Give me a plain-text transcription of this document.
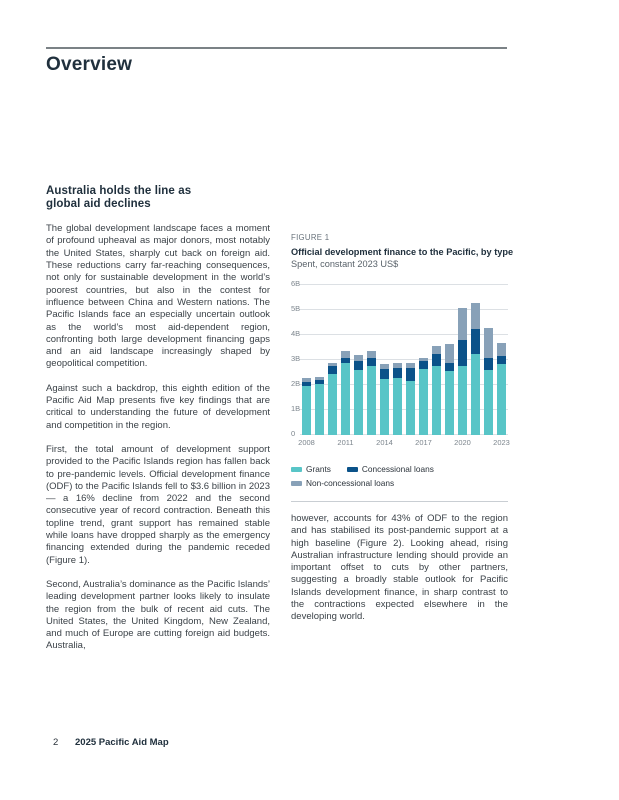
Overview
Australia holds the line as
global aid declines

The global development landscape faces a moment of profound upheaval as major donors, most notably the United States, sharply cut back on foreign aid. These reductions carry far-reaching consequences, not only for sustainable development in the world’s poorest countries, but also in the contest for influence between China and Western nations. The Pacific Islands face an especially uncertain outlook as the world’s most aid-dependent region, confronting both large development financing gaps and an aid landscape increasingly shaped by geopolitical competition.

Against such a backdrop, this eighth edition of the Pacific Aid Map presents five key findings that are critical to understanding the future of development and competition in the region.

First, the total amount of development support provided to the Pacific Islands region has fallen back to pre-pandemic levels. Official development finance (ODF) to the Pacific Islands fell to $3.6 billion in 2023 — a 16% decline from 2022 and the second consecutive year of record contraction. Beneath this topline trend, grant support has remained stable while loans have dropped sharply as the emergency financing extended during the pandemic receded (Figure 1).

Second, Australia’s dominance as the Pacific Islands’ leading development partner looks likely to insulate the region from the bulk of recent aid cuts. The United States, the United Kingdom, New Zealand, and much of Europe are cutting foreign aid budgets. Australia,

FIGURE 1
Official development finance to the Pacific, by type
Spent, constant 2023 US$
0
1B
2B
3B
4B
5B
6B
2008	2011	2014	2017	2020	2023
Grants	Concessional loans
Non-concessional loans

however, accounts for 43% of ODF to the region and has stabilised its post-pandemic support at a high baseline (Figure 2). Looking ahead, rising Australian infrastructure lending should provide an important offset to cuts by other partners, suggesting a broadly stable outlook for Pacific Islands development finance, in sharp contrast to the contractions expected elsewhere in the developing world.

2	2025 Pacific Aid Map
